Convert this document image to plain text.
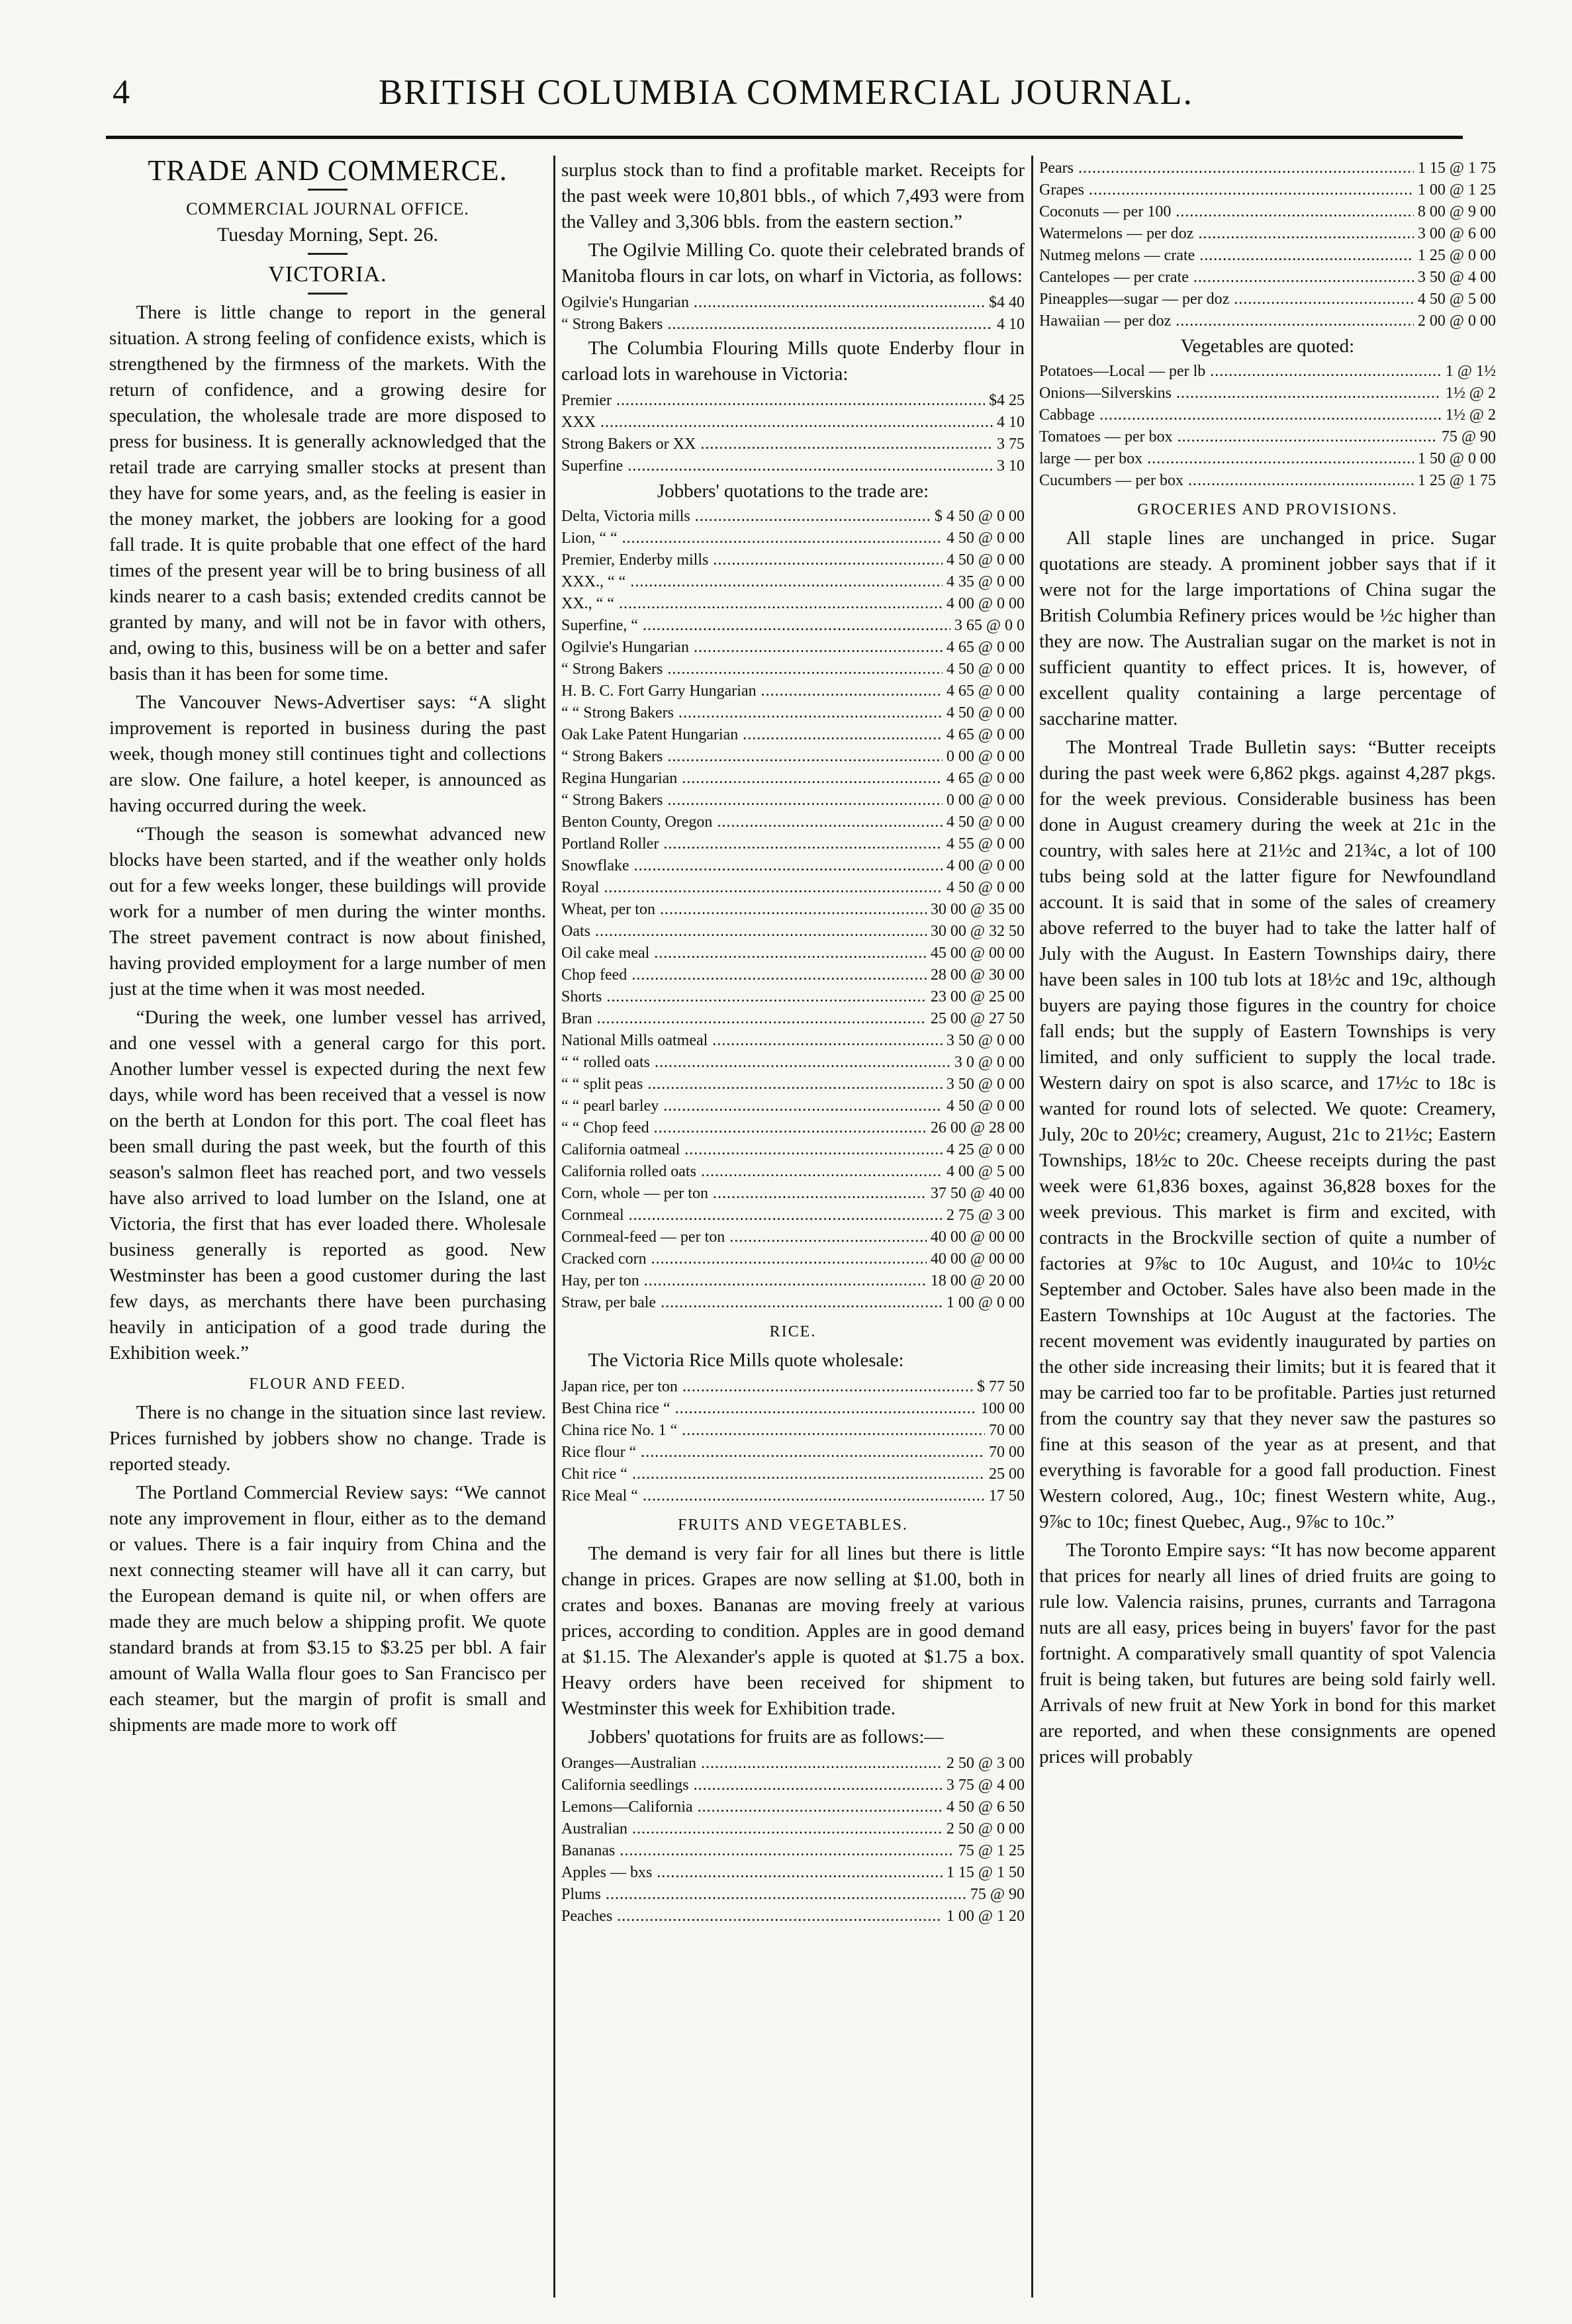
4	BRITISH COLUMBIA COMMERCIAL JOURNAL.
TRADE AND COMMERCE.
COMMERCIAL JOURNAL OFFICE.
Tuesday Morning, Sept. 26.
VICTORIA.

There is little change to report in the general situation. A strong feeling of confidence exists, which is strengthened by the firmness of the markets. With the return of confidence, and a growing desire for speculation, the wholesale trade are more disposed to press for business. It is generally acknowledged that the retail trade are carrying smaller stocks at present than they have for some years, and, as the feeling is easier in the money market, the jobbers are looking for a good fall trade. It is quite probable that one effect of the hard times of the present year will be to bring business of all kinds nearer to a cash basis; extended credits cannot be granted by many, and will not be in favor with others, and, owing to this, business will be on a better and safer basis than it has been for some time.

The Vancouver News-Advertiser says: “A slight improvement is reported in business during the past week, though money still continues tight and collections are slow. One failure, a hotel keeper, is announced as having occurred during the week.

“Though the season is somewhat advanced new blocks have been started, and if the weather only holds out for a few weeks longer, these buildings will provide work for a number of men during the winter months. The street pavement contract is now about finished, having provided employment for a large number of men just at the time when it was most needed.

“During the week, one lumber vessel has arrived, and one vessel with a general cargo for this port. Another lumber vessel is expected during the next few days, while word has been received that a vessel is now on the berth at London for this port. The coal fleet has been small during the past week, but the fourth of this season's salmon fleet has reached port, and two vessels have also arrived to load lumber on the Island, one at Victoria, the first that has ever loaded there. Wholesale business generally is reported as good. New Westminster has been a good customer during the last few days, as merchants there have been purchasing heavily in anticipation of a good trade during the Exhibition week.”

FLOUR AND FEED.

There is no change in the situation since last review. Prices furnished by jobbers show no change. Trade is reported steady.

The Portland Commercial Review says: “We cannot note any improvement in flour, either as to the demand or values. There is a fair inquiry from China and the next connecting steamer will have all it can carry, but the European demand is quite nil, or when offers are made they are much below a shipping profit. We quote standard brands at from $3.15 to $3.25 per bbl. A fair amount of Walla Walla flour goes to San Francisco per each steamer, but the margin of profit is small and shipments are made more to work off

surplus stock than to find a profitable market. Receipts for the past week were 10,801 bbls., of which 7,493 were from the Valley and 3,306 bbls. from the eastern section.”

The Ogilvie Milling Co. quote their celebrated brands of Manitoba flours in car lots, on wharf in Victoria, as follows:

Ogilvie's Hungarian .....	$4 40
“ Strong Bakers .....	4 10

The Columbia Flouring Mills quote Enderby flour in carload lots in warehouse in Victoria:

Premier .....	$4 25
XXX .....	4 10
Strong Bakers or XX .....	3 75
Superfine .....	3 10
Jobbers' quotations to the trade are:
Delta, Victoria mills .....	$ 4 50 @ 0 00
Lion, “ “ .....	4 50 @ 0 00
Premier, Enderby mills .....	4 50 @ 0 00
XXX., “ “ .....	4 35 @ 0 00
XX., “ “ .....	4 00 @ 0 00
Superfine, “ .....	3 65 @ 0 0
Ogilvie's Hungarian .....	4 65 @ 0 00
“ Strong Bakers .....	4 50 @ 0 00
H. B. C. Fort Garry Hungarian .....	4 65 @ 0 00
“ “ Strong Bakers .....	4 50 @ 0 00
Oak Lake Patent Hungarian .....	4 65 @ 0 00
“ Strong Bakers .....	0 00 @ 0 00
Regina Hungarian .....	4 65 @ 0 00
“ Strong Bakers .....	0 00 @ 0 00
Benton County, Oregon .....	4 50 @ 0 00
Portland Roller .....	4 55 @ 0 00
Snowflake .....	4 00 @ 0 00
Royal .....	4 50 @ 0 00
Wheat, per ton .....	30 00 @ 35 00
Oats .....	30 00 @ 32 50
Oil cake meal .....	45 00 @ 00 00
Chop feed .....	28 00 @ 30 00
Shorts .....	23 00 @ 25 00
Bran .....	25 00 @ 27 50
National Mills oatmeal .....	3 50 @ 0 00
“ “ rolled oats .....	3 0 @ 0 00
“ “ split peas .....	3 50 @ 0 00
“ “ pearl barley .....	4 50 @ 0 00
“ “ Chop feed .....	26 00 @ 28 00
California oatmeal .....	4 25 @ 0 00
California rolled oats .....	4 00 @ 5 00
Corn, whole — per ton .....	37 50 @ 40 00
Cornmeal .....	2 75 @ 3 00
Cornmeal-feed — per ton .....	40 00 @ 00 00
Cracked corn .....	40 00 @ 00 00
Hay, per ton .....	18 00 @ 20 00
Straw, per bale .....	1 00 @ 0 00
RICE.

The Victoria Rice Mills quote wholesale:

Japan rice, per ton .....	$ 77 50
Best China rice “ .....	100 00
China rice No. 1 “ .....	70 00
Rice flour “ .....	70 00
Chit rice “ .....	25 00
Rice Meal “ .....	17 50
FRUITS AND VEGETABLES.

The demand is very fair for all lines but there is little change in prices. Grapes are now selling at $1.00, both in crates and boxes. Bananas are moving freely at various prices, according to condition. Apples are in good demand at $1.15. The Alexander's apple is quoted at $1.75 a box. Heavy orders have been received for shipment to Westminster this week for Exhibition trade.

Jobbers' quotations for fruits are as follows:—

Oranges—Australian .....	2 50 @ 3 00
California seedlings .....	3 75 @ 4 00
Lemons—California .....	4 50 @ 6 50
Australian .....	2 50 @ 0 00
Bananas .....	75 @ 1 25
Apples — bxs .....	1 15 @ 1 50
Plums .....	75 @ 90
Peaches .....	1 00 @ 1 20
Pears .....	1 15 @ 1 75
Grapes .....	1 00 @ 1 25
Coconuts — per 100 .....	8 00 @ 9 00
Watermelons — per doz .....	3 00 @ 6 00
Nutmeg melons — crate .....	1 25 @ 0 00
Cantelopes — per crate .....	3 50 @ 4 00
Pineapples—sugar — per doz .....	4 50 @ 5 00
Hawaiian — per doz .....	2 00 @ 0 00
Vegetables are quoted:
Potatoes—Local — per lb .....	1 @ 1½
Onions—Silverskins .....	1½ @ 2
Cabbage .....	1½ @ 2
Tomatoes — per box .....	75 @ 90
large — per box .....	1 50 @ 0 00
Cucumbers — per box .....	1 25 @ 1 75
GROCERIES AND PROVISIONS.

All staple lines are unchanged in price. Sugar quotations are steady. A prominent jobber says that if it were not for the large importations of China sugar the British Columbia Refinery prices would be ½c higher than they are now. The Australian sugar on the market is not in sufficient quantity to effect prices. It is, however, of excellent quality containing a large percentage of saccharine matter.

The Montreal Trade Bulletin says: “Butter receipts during the past week were 6,862 pkgs. against 4,287 pkgs. for the week previous. Considerable business has been done in August creamery during the week at 21c in the country, with sales here at 21½c and 21¾c, a lot of 100 tubs being sold at the latter figure for Newfoundland account. It is said that in some of the sales of creamery above referred to the buyer had to take the latter half of July with the August. In Eastern Townships dairy, there have been sales in 100 tub lots at 18½c and 19c, although buyers are paying those figures in the country for choice fall ends; but the supply of Eastern Townships is very limited, and only sufficient to supply the local trade. Western dairy on spot is also scarce, and 17½c to 18c is wanted for round lots of selected. We quote: Creamery, July, 20c to 20½c; creamery, August, 21c to 21½c; Eastern Townships, 18½c to 20c. Cheese receipts during the past week were 61,836 boxes, against 36,828 boxes for the week previous. This market is firm and excited, with contracts in the Brockville section of quite a number of factories at 9⅞c to 10c August, and 10¼c to 10½c September and October. Sales have also been made in the Eastern Townships at 10c August at the factories. The recent movement was evidently inaugurated by parties on the other side increasing their limits; but it is feared that it may be carried too far to be profitable. Parties just returned from the country say that they never saw the pastures so fine at this season of the year as at present, and that everything is favorable for a good fall production. Finest Western colored, Aug., 10c; finest Western white, Aug., 9⅞c to 10c; finest Quebec, Aug., 9⅞c to 10c.”

The Toronto Empire says: “It has now become apparent that prices for nearly all lines of dried fruits are going to rule low. Valencia raisins, prunes, currants and Tarragona nuts are all easy, prices being in buyers' favor for the past fortnight. A comparatively small quantity of spot Valencia fruit is being taken, but futures are being sold fairly well. Arrivals of new fruit at New York in bond for this market are reported, and when these consignments are opened prices will probably
